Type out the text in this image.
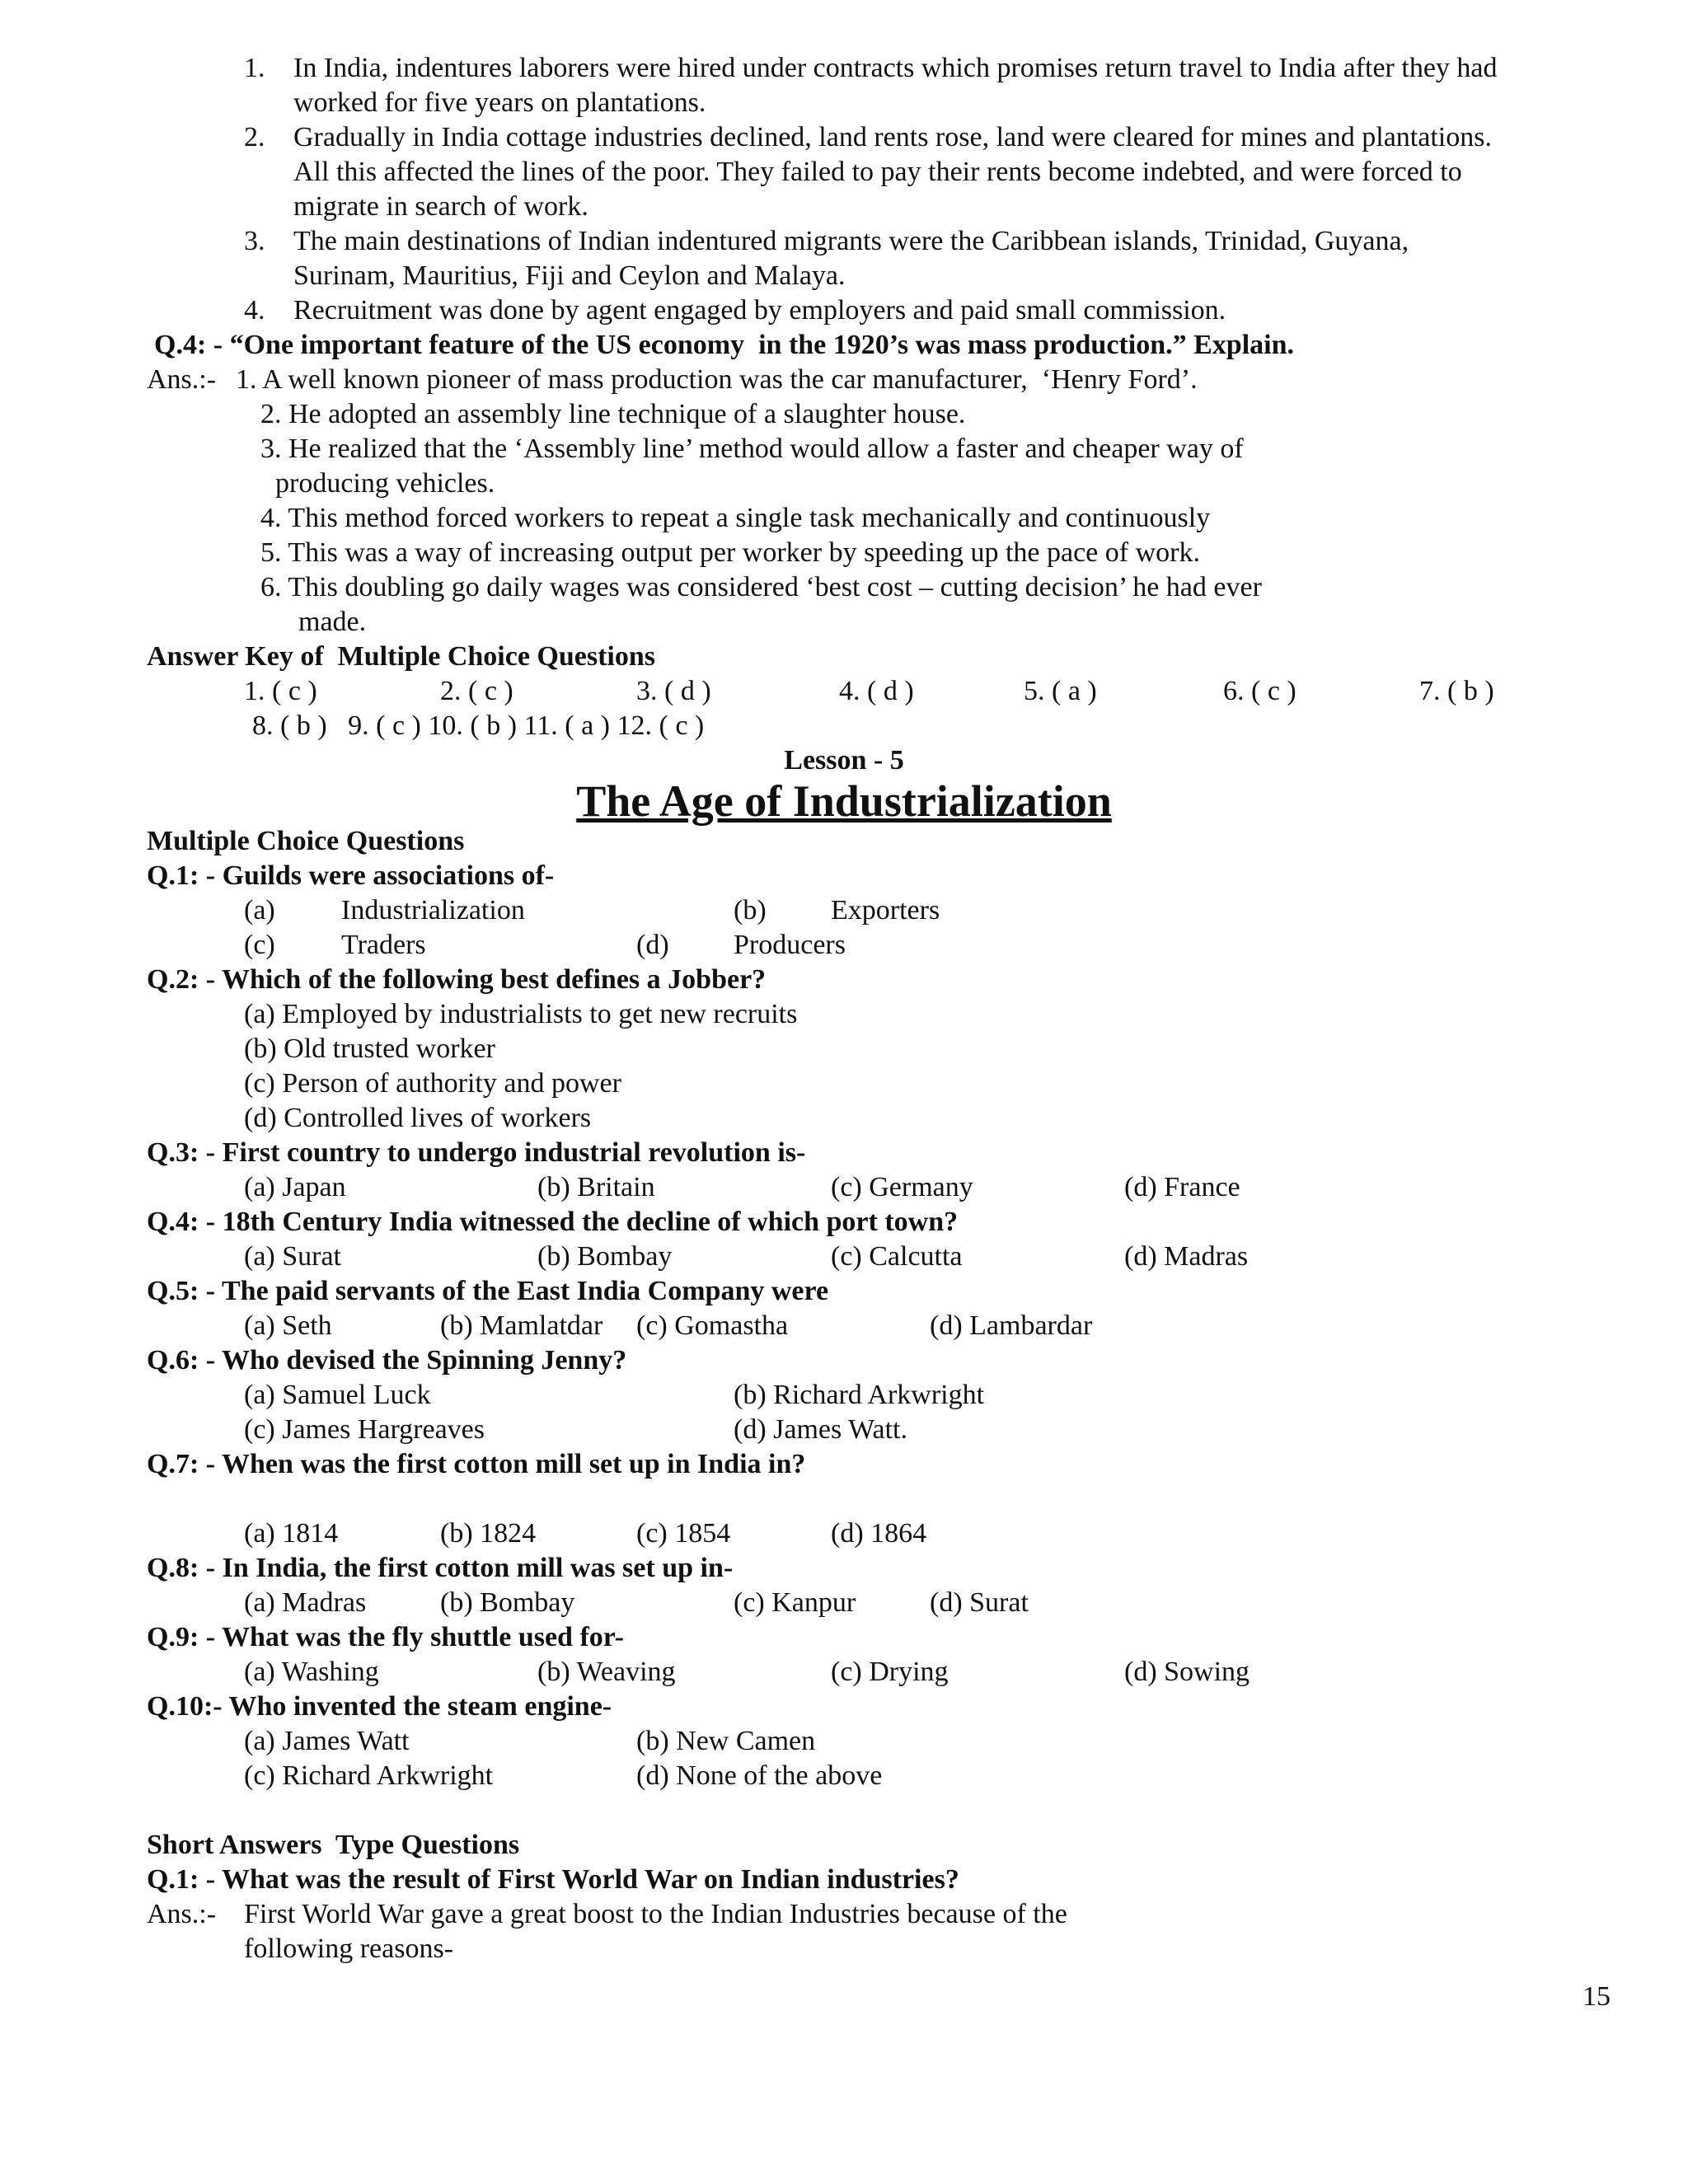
1. In India, indentures laborers were hired under contracts which promises return travel to India after they had
worked for five years on plantations.
2. Gradually in India cottage industries declined, land rents rose, land were cleared for mines and plantations.
All this affected the lines of the poor. They failed to pay their rents become indebted, and were forced to
migrate in search of work.
3. The main destinations of Indian indentured migrants were the Caribbean islands, Trinidad, Guyana,
Surinam, Mauritius, Fiji and Ceylon and Malaya.
4. Recruitment was done by agent engaged by employers and paid small commission.
Q.4: - “One important feature of the US economy  in the 1920’s was mass production.” Explain.
Ans.:- 1. A well known pioneer of mass production was the car manufacturer,  ‘Henry Ford’.
2. He adopted an assembly line technique of a slaughter house.
3. He realized that the ‘Assembly line’ method would allow a faster and cheaper way of
producing vehicles.
4. This method forced workers to repeat a single task mechanically and continuously
5. This was a way of increasing output per worker by speeding up the pace of work.
6. This doubling go daily wages was considered ‘best cost – cutting decision’ he had ever
made.
Answer Key of  Multiple Choice Questions
1. ( c )	2. ( c )	3. ( d )	4. ( d )	5. ( a )	6. ( c )	7. ( b )
8. ( b )   9. ( c ) 10. ( b ) 11. ( a ) 12. ( c )
Lesson - 5
The Age of Industrialization
Multiple Choice Questions
Q.1: - Guilds were associations of-
(a) Industrialization	(b) Exporters
(c) Traders	(d) Producers
Q.2: - Which of the following best defines a Jobber?
(a) Employed by industrialists to get new recruits
(b) Old trusted worker
(c) Person of authority and power
(d) Controlled lives of workers
Q.3: - First country to undergo industrial revolution is-
(a) Japan	(b) Britain	(c) Germany	(d) France
Q.4: - 18th Century India witnessed the decline of which port town?
(a) Surat	(b) Bombay	(c) Calcutta	(d) Madras
Q.5: - The paid servants of the East India Company were
(a) Seth	(b) Mamlatdar (c) Gomastha	(d) Lambardar
Q.6: - Who devised the Spinning Jenny?
(a) Samuel Luck	(b) Richard Arkwright
(c) James Hargreaves	(d) James Watt.
Q.7: - When was the first cotton mill set up in India in?
(a) 1814	(b) 1824	(c) 1854	(d) 1864
Q.8: - In India, the first cotton mill was set up in-
(a) Madras	(b) Bombay	(c) Kanpur	(d) Surat
Q.9: - What was the fly shuttle used for-
(a) Washing	(b) Weaving	(c) Drying	(d) Sowing
Q.10:- Who invented the steam engine-
(a) James Watt	(b) New Camen
(c) Richard Arkwright	(d) None of the above
Short Answers  Type Questions
Q.1: - What was the result of First World War on Indian industries?
Ans.:- First World War gave a great boost to the Indian Industries because of the
following reasons-
15
